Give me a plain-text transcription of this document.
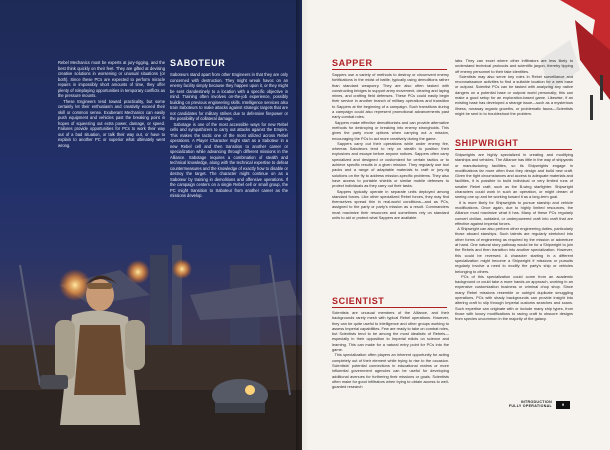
Rebel Mechanics must be experts at jury-rigging, and the best think quickly on their feet. They are gifted at devising creative solutions in worsening or unusual situations (or both). Since these PCs are expected to perform miracle repairs in impossibly short amounts of time, they offer plenty of roleplaying opportunities in temporary conflicts as the pressure mounts.
These Engineers tend toward practicality, but some certainly let their enthusiasm and creativity exceed their skill or common sense. Exuberant Mechanics can easily push equipment and vehicles past the breaking point in hopes of squeezing out extra power, damage, or speed. Failures provide opportunities for PCs to work their way out of a bad situation, or talk their way out, or have to explain to another PC or superior what ultimately went wrong.
SABOTEUR
Saboteurs stand apart from other Engineers in that they are only concerned with destruction. They might wreak havoc on an enemy facility simply because they happen upon it, or they might be sent clandestinely to a location with a specific objective in mind. Training often involves on-the-job experience, possibly building on previous engineering skills. Intelligence services also train Saboteurs to make attacks against strategic targets that are not candidates for military strikes due to defensive firepower or the possibility of collateral damage.
Sabotage is one of the most accessible ways for new Rebel cells and sympathizers to carry out attacks against the Empire. This makes the tactic one of the most utilized across Rebel operations. A Player Character might start as a Saboteur in a new Rebel cell and then transition to another career or specialization while advancing through different missions in the Alliance. Sabotage requires a combination of stealth and technical knowledge, along with the technical expertise to defeat countermeasures and the knowledge of exactly how to disable or destroy the target. The character might continue on as a Saboteur by training in demolitions and offensive operations. If the campaign centers on a single Rebel cell or small group, the PC might transition to Saboteur from another career as the missions develop.
SAPPER
Sappers use a variety of methods to destroy or circumvent enemy fortifications in the midst of battle, typically using demolitions rather than standard weaponry. They are also often tasked with constructing bridges to support army movement, clearing and laying mines, and crafting field defenses. These PCs could easily begin their service in another branch of military operations and transition to Sappers at the beginning of a campaign. Such transitions during a campaign could also represent promotional advancements past early combat roles.
Sappers make effective demolitionists and can provide alternative methods for destroying or breaking into enemy strongholds. This gives the party more options when carrying out a mission, encouraging the PCs to act more creatively during the game.
Sappers carry out their operations while under enemy fire, whereas Saboteurs tend to rely on stealth to position their explosives and escape before anyone notices. Sappers often carry specialized and designed or customized for certain tactics or to achieve specific results in a given mission. They regularly use tool packs and a range of adaptable materials to craft or jury-rig solutions on the fly to address mission-specific problems. They also have access to portable shields or similar mobile defenses to protect individuals as they carry out their tasks.
Sappers typically operate in separate units deployed among standard forces. Like other specialized Rebel forces, they may find themselves spread thin in real-world conditions—and as PCs, assigned to the party or party's mission as a result. Commanders must maximize their resources and sometimes rely on standard units to aid or protect what Sappers are available.
SCIENTIST
Scientists are unusual members of the Alliance, and their backgrounds rarely mesh with typical Rebel operations. However, they can be quite useful to intelligence and other groups working to assess Imperial capabilities. Few are ready to take on combat roles, but Scientists tend to be among the most idealistic of Rebels—especially in their opposition to Imperial edicts on science and learning. This can make for a natural entry point for PCs into the game.
This specialization often players an inherent opportunity for acting completely out of their element while trying to rise to the occasion. Scientists' potential connections in educational realms or more influential government agencies can be useful for developing additional avenues for furthering their missions or goals. Scientists often make for good infiltrators when trying to obtain access to well-guarded research
labs. They can excel where other infiltrators are less likely to understand technical protocols and scientific jargon, thereby tipping off enemy personnel to their fake identities.
Scientists may also serve key roles in Rebel surveillance and reconnaissance activities to find a suitable location for a new base or outpost. Scientist PCs can be tasked with analyzing any native dangers on a potential base or outpost world personally; this can make a good setup for an exploration-based game. Likewise, if an existing base has developed a strange issue—such as a mysterious illness, runaway organic growths, or problematic fauna—Scientists might be sent in to troubleshoot the problem.
SHIPWRIGHT
Shipwrights are highly specialized in creating and modifying starships and vehicles. The Alliance has little in the way of shipyards or manufacturing facilities, so its Shipwrights engage in modifications far more often than they design and build new craft. Given the tight circumstances and access to adequate materials and facilities, it is possible to build individual or very limited runs of smaller Rebel craft, such as the B-wing starfighter. Shipwright characters could work in such an operation, or might dream of seeing one up and be working toward it as a long-term goal.
It is more likely for Shipwrights to pursue starship and vehicle modifications. Once again, due to highly limited resources, the Alliance must maximize what it has. Many of these PCs regularly convert civilian, outdated, or underpowered craft into craft that are effective against Imperial forces.
A Shipwright can also perform other engineering duties, particularly those aboard starships. Such talents are regularly stretched into other forms of engineering as required by the mission or adventure at hand. One natural story pathway would be for a Shipwright to join the Rebels and then transition into another specialization. However, this could be reversed. A character starting in a different specialization might become a Shipwright if missions or pursuits regularly involve a need to modify the party's ship or vehicles belonging to others.
PCs of this specialization could come from an academic background or could take a more hands-on approach, working in an expensive customization business or criminal chop shop. Since many Rebel missions resemble or outright duplicate smuggling operations, PCs with shady backgrounds can provide insight into altering craft to slip through Imperial customs searches and scans. Such expertise can originate with or include many ship types, from those with luxury modifications to racing craft to obscure designs from species uncommon in the majority of the galaxy.
INTRODUCTION
FULLY OPERATIONAL	9
